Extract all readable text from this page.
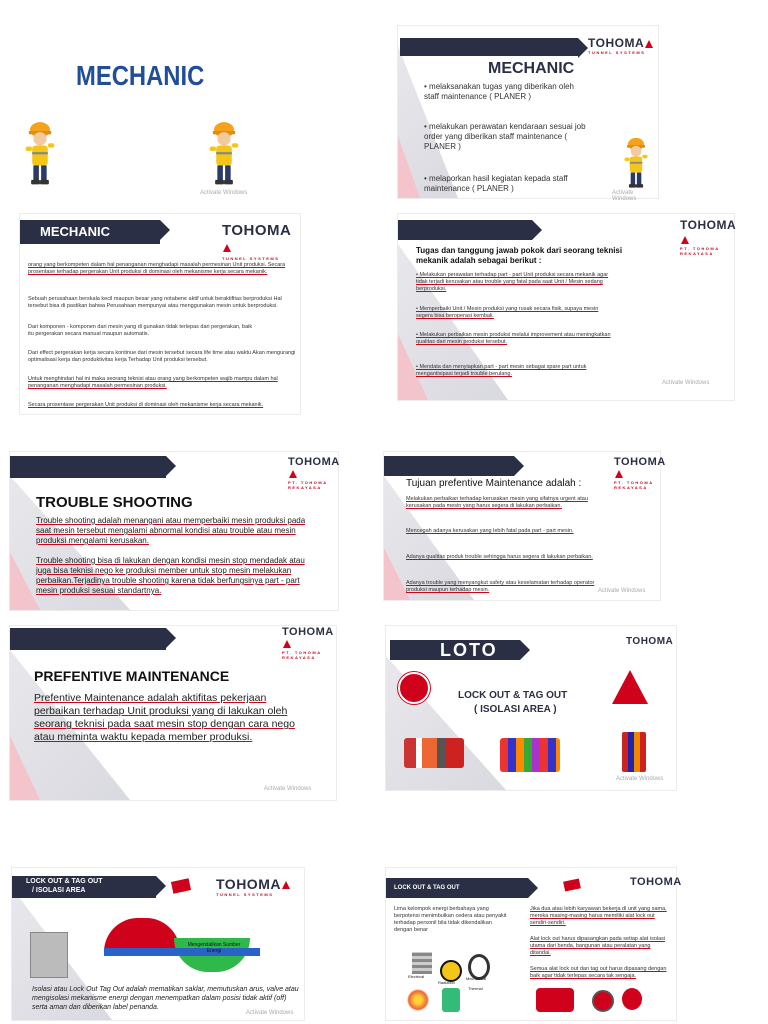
MECHANIC
Activate Windows
TOHOMA
TUNNEL SYSTEMS
MECHANIC
• melaksanakan tugas yang diberikan oleh staff maintenance ( PLANER )
• melakukan perawatan kendaraan sesuai job order yang diberikan staff maintenance ( PLANER )
• melaporkan hasil kegiatan kepada staff maintenance ( PLANER )	Activate Windows
MECHANIC	TOHOMA
TUNNEL SYSTEMS
orang yang berkompeten dalam hal penanganan menghadapi masalah permesinan Unit produksi. Secara prosentase terhadap pergerakan Unit produksi di dominasi oleh mekanisme kerja secara mekanik.
Sebuah perusahaan berskala kecil maupun besar yang notabene aktif untuk beraktifitas berproduksi Hal tersebut bisa di pastikan bahwa Perusahaan mempunyai atau menggunakan mesin untuk berproduksi.
Dari komponen - komponen dari mesin yang di gunakan tidak terlepas dari pergerakan, baik itu pergerakan secara manual maupun automatis.
Dari effect pergerakan kerja secara kontinue dari mesin tersebut secara life time atau waktu Akan mengurangi optimalisasi kerja dan produktivitas kerja Terhadap Unit produksi tersebut.
Untuk menghindari hal ini maka seorang teknisi atau orang yang berkompeten wajib mampu dalam hal penanganan menghadapi masalah permesinan produksi.
Secara prosentase pergerakan Unit produksi di dominasi oleh mekanisme kerja secara mekanik.
TOHOMA
PT. TOHOMA REKAYASA
Tugas dan tanggung jawab pokok dari seorang teknisi mekanik adalah sebagai berikut :
• Melakukan perawatan terhadap part - part Unit produksi secara mekanik agar tidak terjadi kerusakan atau trouble yang fatal pada saat Unit / Mesin sedang berproduksi.
• Memperbaiki Unit / Mesin produksi yang rusak secara fisik, supaya mesin segera bisa beroperasi kembali.
• Melakukan perbaikan mesin produksi melalui improvement atau meningkatkan qualitas dari mesin produksi tersebut.
• Mendata dan menyiapkan part - part mesin sebagai spare part untuk mengantisipasi terjadi trouble berulang.
Activate Windows
TOHOMA
PT. TOHOMA REKAYASA
TROUBLE SHOOTING
Trouble shooting adalah menangani atau memperbaiki mesin produksi pada saat mesin tersebut mengalami abnormal kondisi atau trouble atau mesin produksi mengalami kerusakan.
Trouble shooting bisa di lakukan dengan kondisi mesin stop mendadak atau juga bisa teknisi nego ke produksi member untuk stop mesin melakukan perbaikan.Terjadinya trouble shooting karena tidak berfungsinya part - part mesin produksi sesuai standartnya.
TOHOMA
PT. TOHOMA REKAYASA
Tujuan prefentive Maintenance adalah :
Melakukan perbaikan terhadap kerusakan mesin yang sifatnya urgent atau kerusakan pada mesin yang harus segera di lakukan perbaikan.
Mencegah adanya kerusakan yang lebih fatal pada part - part mesin.
Adanya qualitas produk trouble sehingga harus segera di lakukan perbaikan.
Adanya trouble yang menyangkut safety atau keselamatan terhadap operator produksi maupun terhadap mesin.	Activate Windows
TOHOMA
PT. TOHOMA REKAYASA
PREFENTIVE MAINTENANCE
Prefentive Maintenance adalah aktifitas pekerjaan perbaikan terhadap Unit produksi yang di lakukan oleh seorang teknisi pada saat mesin stop dengan cara nego atau meminta waktu kepada member produksi.
Activate Windows
LOTO	TOHOMA
LOCK OUT & TAG OUT
( ISOLASI AREA )
Activate Windows
LOCK OUT & TAG OUT
/ ISOLASI AREA	TOHOMA
TUNNEL SYSTEMS
Mengendalikan Sumber Energi
Isolasi atau Lock Out Tag Out adalah mematikan saklar, memutuskan arus, valve atau mengisolasi mekanisme energi dengan menempatkan dalam posisi tidak aktif (off) serta aman dan diberikan label penanda.
Activate Windows
LOCK OUT & TAG OUT	TOHOMA
Lima kelompok energi berbahaya yang berpotensi menimbulkan cedera atau penyakit terhadap personil bila tidak dikendalikan dengan benar
Electrical
Radiation
Thermal
Mechanical
Jika dua atau lebih karyawan bekerja di unit yang sama, mereka masing-masing harus memiliki alat lock out sendiri-sendiri.
Alat lock out harus dipasangkan pada setiap alat isolasi utama dari benda, bangunan atau peralatan yang ditandai.
Semua alat lock out dan tag out harus dipasang dengan baik agar tidak terlepas secara tak sengaja.
